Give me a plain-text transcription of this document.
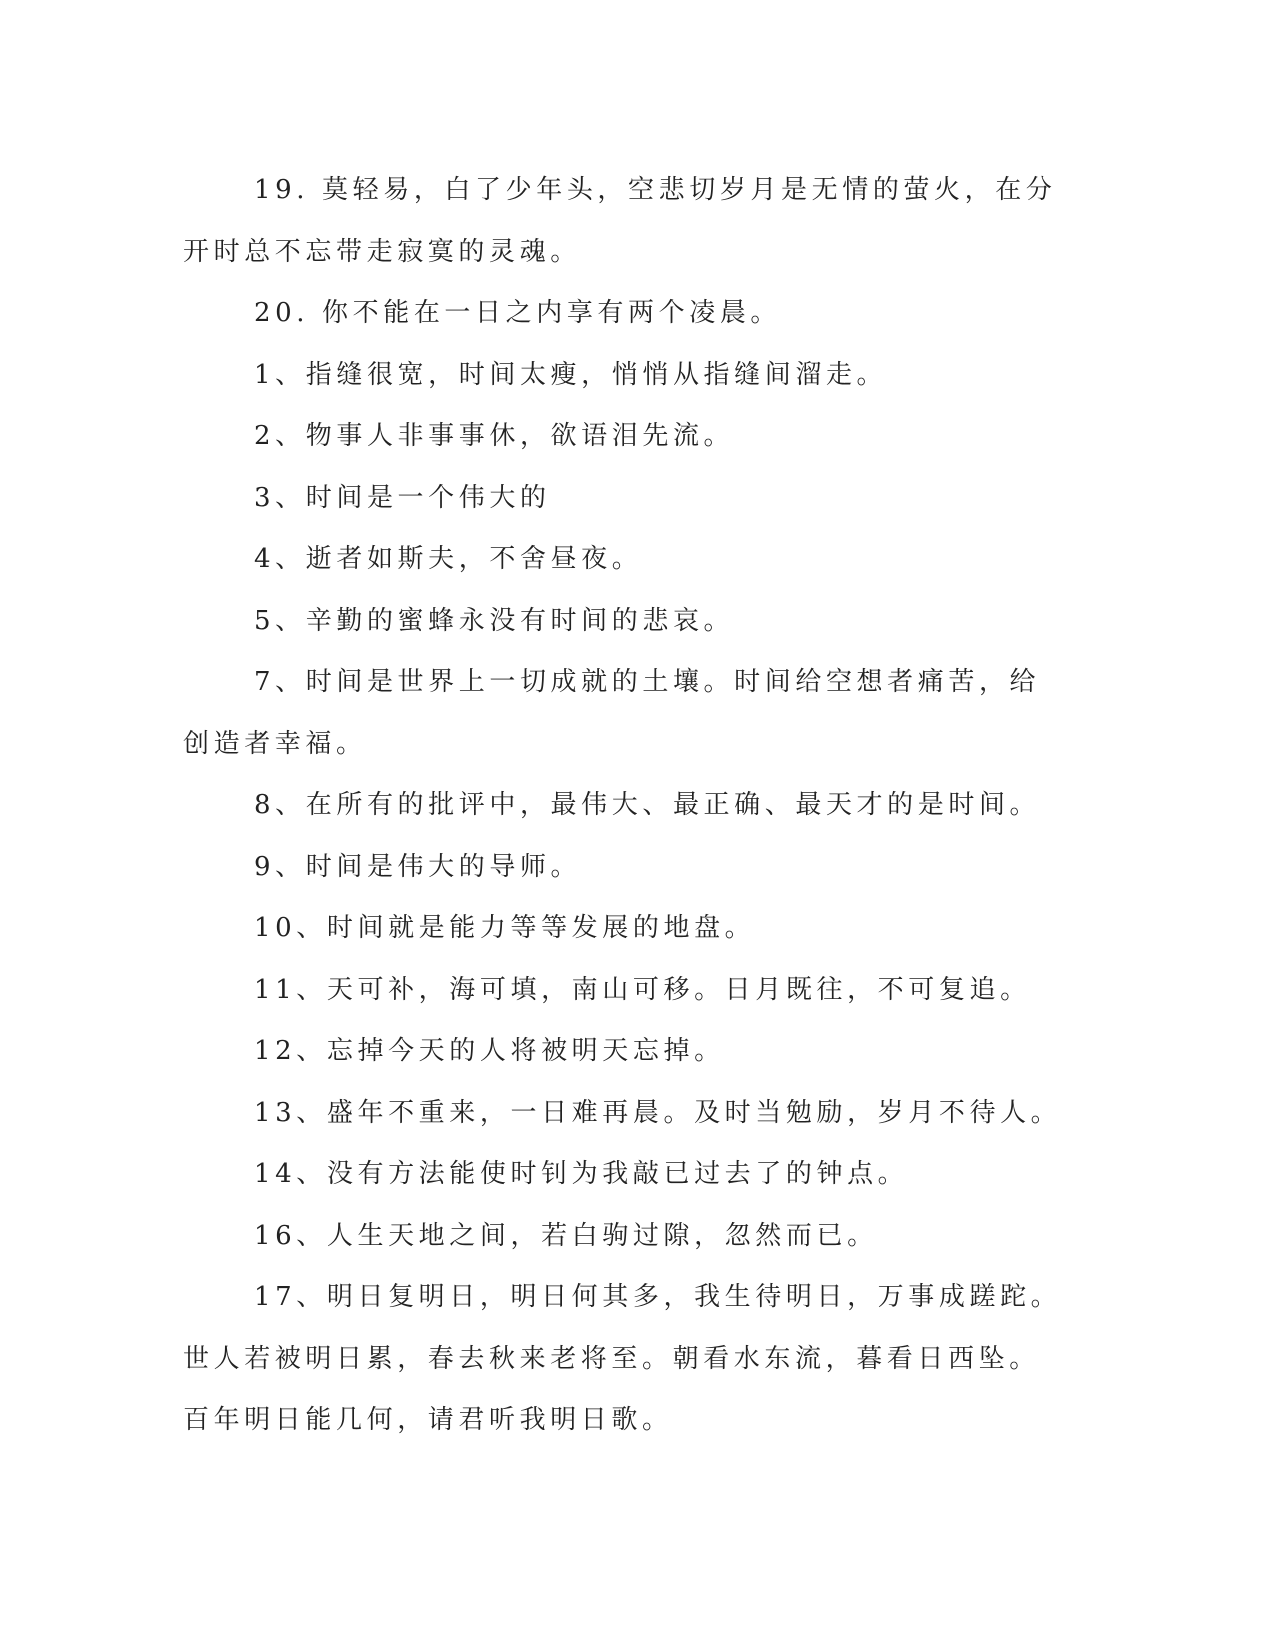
19. 莫轻易，白了少年头，空悲切岁月是无情的萤火，在分开时总不忘带走寂寞的灵魂。

20. 你不能在一日之内享有两个凌晨。

1、指缝很宽，时间太瘦，悄悄从指缝间溜走。

2、物事人非事事休，欲语泪先流。

3、时间是一个伟大的

4、逝者如斯夫，不舍昼夜。

5、辛勤的蜜蜂永没有时间的悲哀。

7、时间是世界上一切成就的土壤。时间给空想者痛苦，给创造者幸福。

8、在所有的批评中，最伟大、最正确、最天才的是时间。

9、时间是伟大的导师。

10、时间就是能力等等发展的地盘。

11、天可补，海可填，南山可移。日月既往，不可复追。

12、忘掉今天的人将被明天忘掉。

13、盛年不重来，一日难再晨。及时当勉励，岁月不待人。

14、没有方法能使时钊为我敲已过去了的钟点。

16、人生天地之间，若白驹过隙，忽然而已。

17、明日复明日，明日何其多，我生待明日，万事成蹉跎。世人若被明日累，春去秋来老将至。朝看水东流，暮看日西坠。百年明日能几何，请君听我明日歌。
